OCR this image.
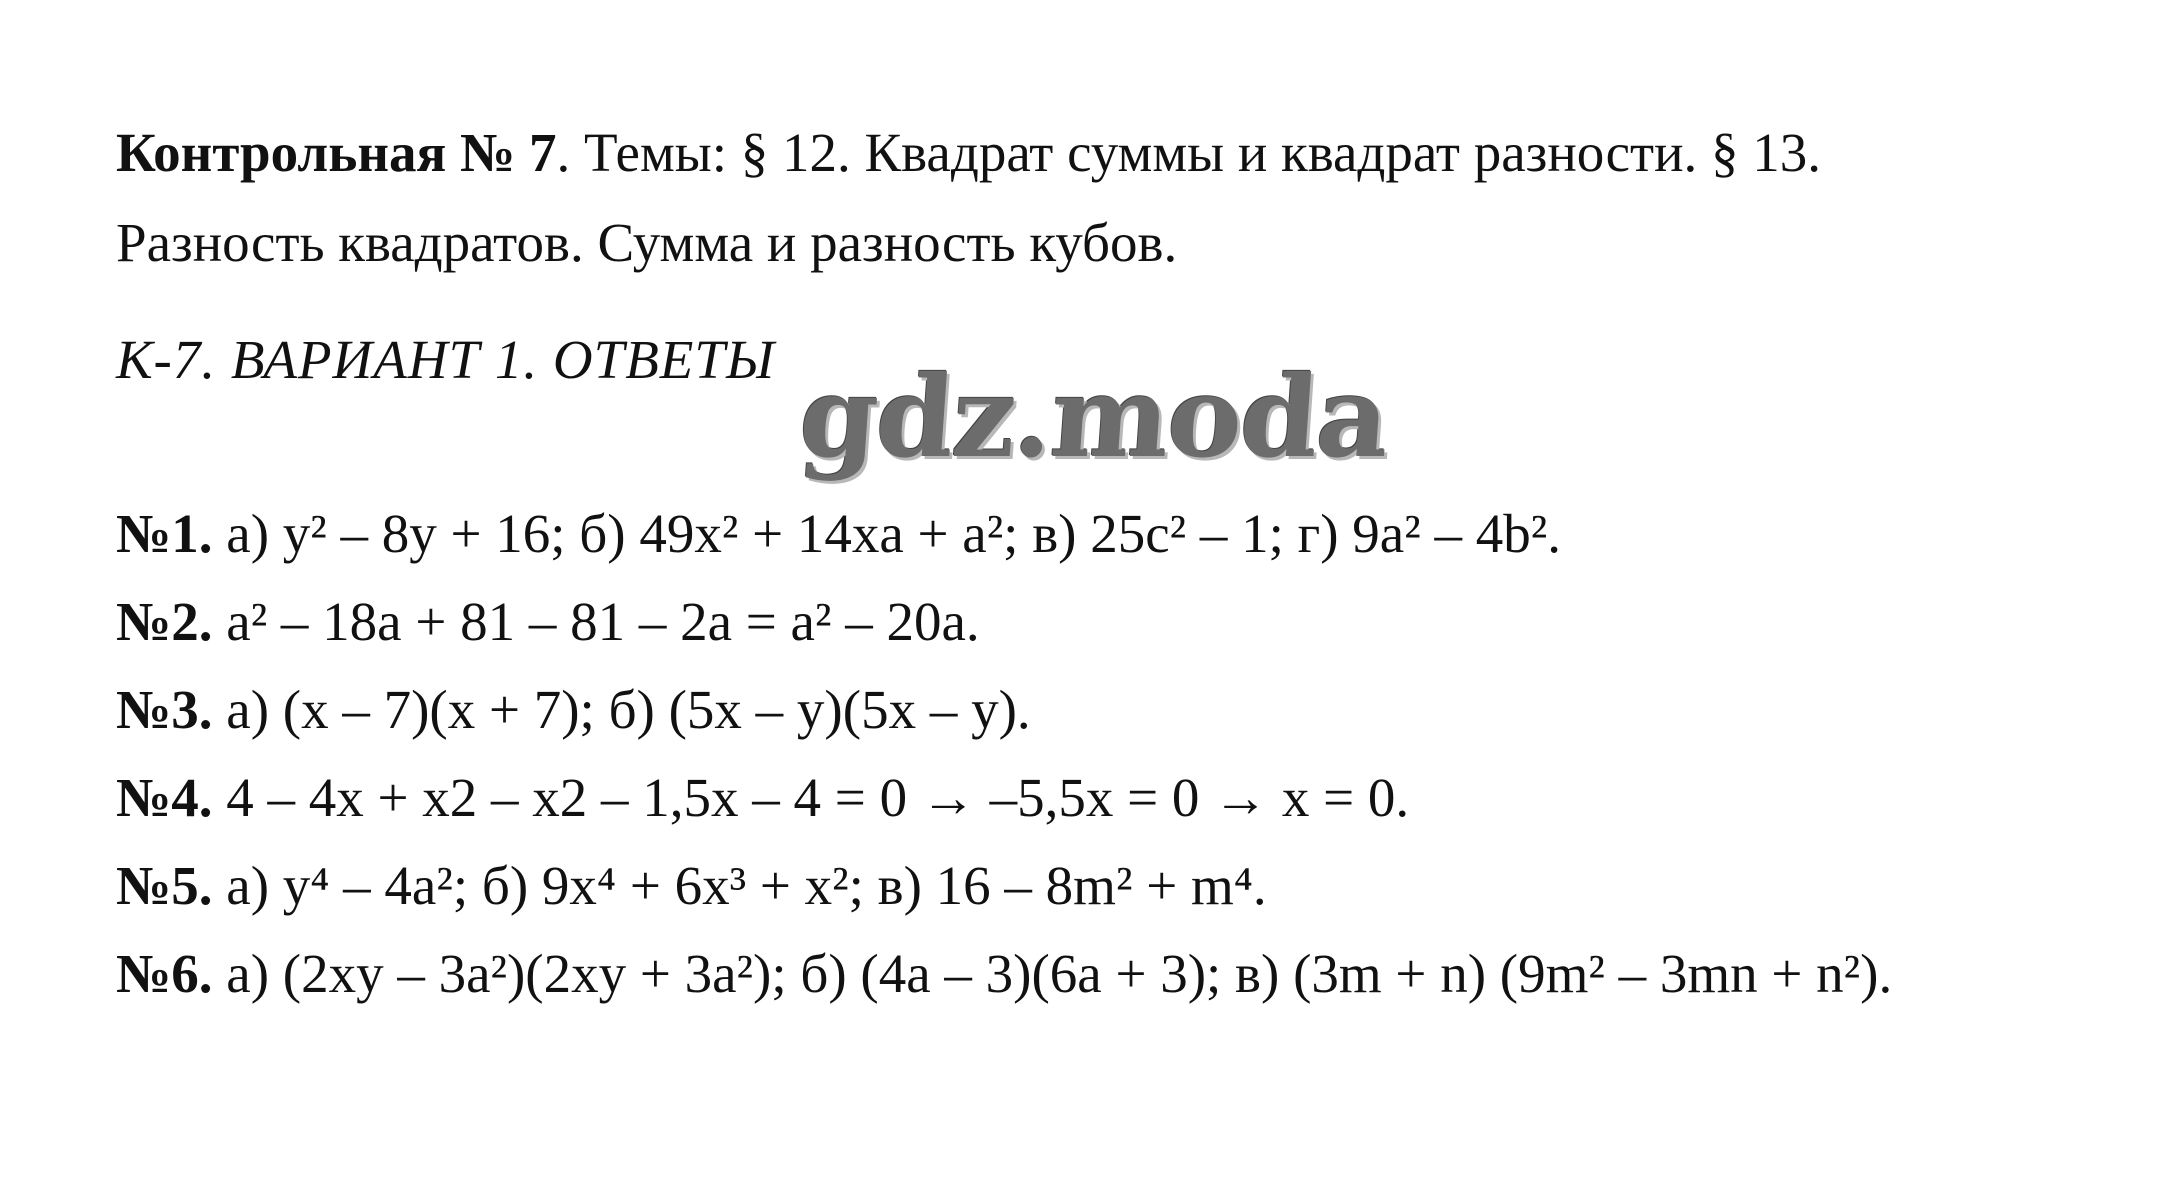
Контрольная № 7. Темы: § 12. Квадрат суммы и квадрат разности. § 13.
Разность квадратов. Сумма и разность кубов.
К-7. ВАРИАНТ 1. ОТВЕТЫ gdz.moda
№1. а) y² – 8y + 16; б) 49x² + 14xa + a²; в) 25c² – 1; г) 9a² – 4b².
№2. a² – 18a + 81 – 81 – 2a = a² – 20a.
№3. а) (x – 7)(x + 7); б) (5x – y)(5x – y).
№4. 4 – 4x + x2 – x2 – 1,5x – 4 = 0 → –5,5x = 0 → x = 0.
№5. а) y⁴ – 4a²; б) 9x⁴ + 6x³ + x²; в) 16 – 8m² + m⁴.
№6. а) (2xy – 3a²)(2xy + 3a²); б) (4a – 3)(6a + 3); в) (3m + n) (9m² – 3mn + n²).
